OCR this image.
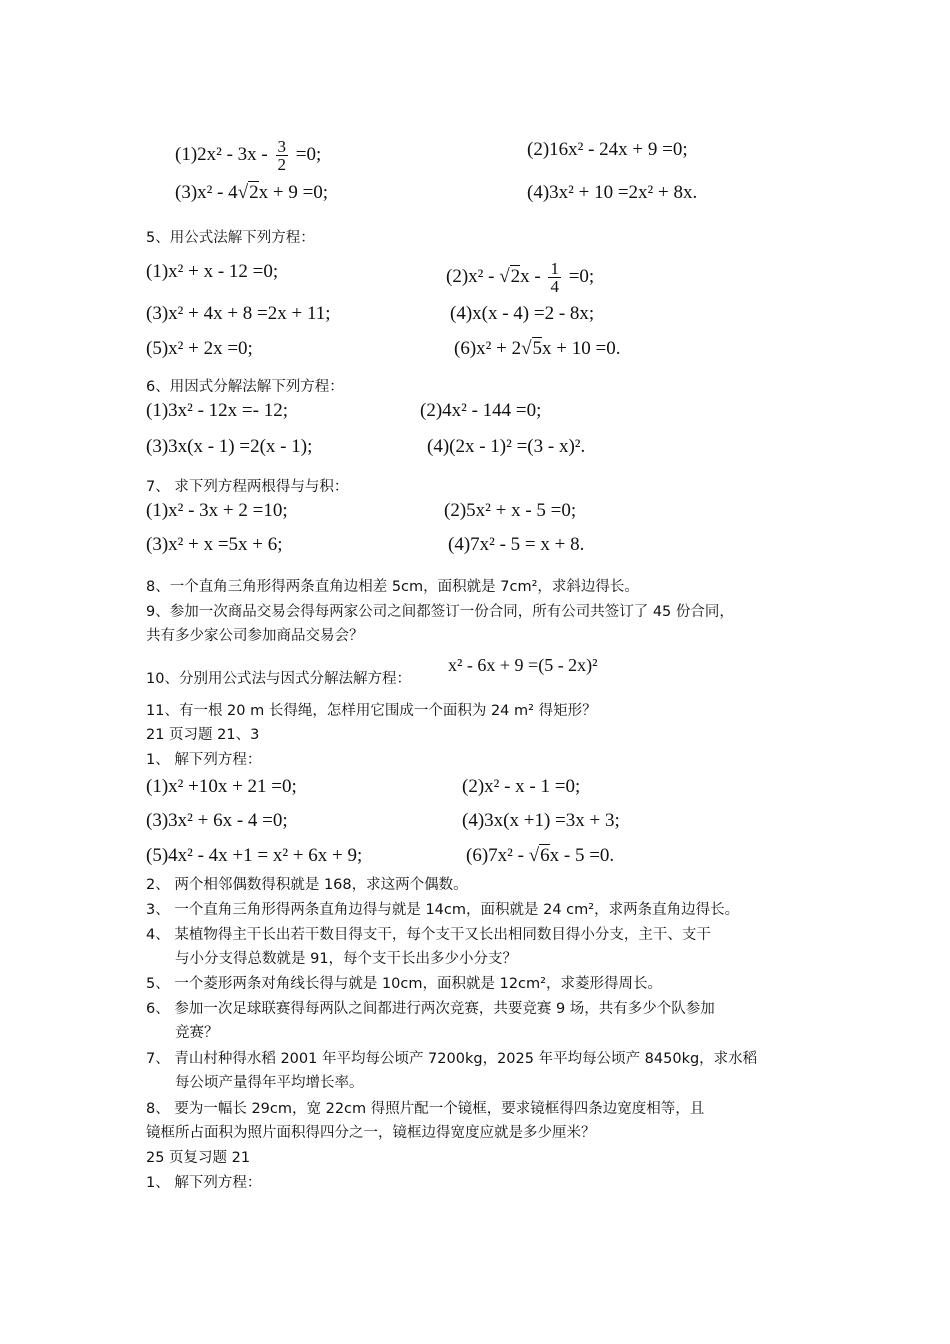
$(1)2x^2 - 3x - \frac{3}{2} =0$;	(2)16x² - 24x + 9 =0;
(3)x² - 4√2x + 9 =0;	(4)3x² + 10 =2x² + 8x.
5、用公式法解下列方程：
(1)x² + x - 12 =0;	$(2)x^2 - √2x - \frac{1}{4} =0$;
(3)x² + 4x + 8 =2x + 11;	(4)x(x - 4) =2 - 8x;
(5)x² + 2x =0;	(6)x² + 2√5x + 10 =0.
6、用因式分解法解下列方程：
(1)3x² - 12x =- 12;	(2)4x² - 144 =0;
(3)3x(x - 1) =2(x - 1);	(4)(2x - 1)² =(3 - x)².
7、 求下列方程两根得与与积：
(1)x² - 3x + 2 =10;	(2)5x² + x - 5 =0;
(3)x² + x =5x + 6;	(4)7x² - 5 = x + 8.
8、一个直角三角形得两条直角边相差 5cm，面积就是 7cm²，求斜边得长。
9、参加一次商品交易会得每两家公司之间都签订一份合同，所有公司共签订了 45 份合同，
共有多少家公司参加商品交易会？
10、分别用公式法与因式分解法解方程：
x² - 6x + 9 =(5 - 2x)²
11、有一根 20 m 长得绳，怎样用它围成一个面积为 24 m² 得矩形？
21 页习题 21、3
1、 解下列方程：
(1)x² +10x + 21 =0;	(2)x² - x - 1 =0;
(3)3x² + 6x - 4 =0;	(4)3x(x +1) =3x + 3;
(5)4x² - 4x +1 = x² + 6x + 9;	(6)7x² - √6x - 5 =0.
2、 两个相邻偶数得积就是 168，求这两个偶数。
3、 一个直角三角形得两条直角边得与就是 14cm，面积就是 24 cm²，求两条直角边得长。
4、 某植物得主干长出若干数目得支干，每个支干又长出相同数目得小分支，主干、支干
与小分支得总数就是 91，每个支干长出多少小分支？
5、 一个菱形两条对角线长得与就是 10cm，面积就是 12cm²，求菱形得周长。
6、 参加一次足球联赛得每两队之间都进行两次竞赛，共要竞赛 9 场，共有多少个队参加
竞赛？
7、 青山村种得水稻 2001 年平均每公顷产 7200kg，2025 年平均每公顷产 8450kg，求水稻
每公顷产量得年平均增长率。
8、 要为一幅长 29cm，宽 22cm 得照片配一个镜框，要求镜框得四条边宽度相等，且
镜框所占面积为照片面积得四分之一，镜框边得宽度应就是多少厘米？
25 页复习题 21
1、 解下列方程：
